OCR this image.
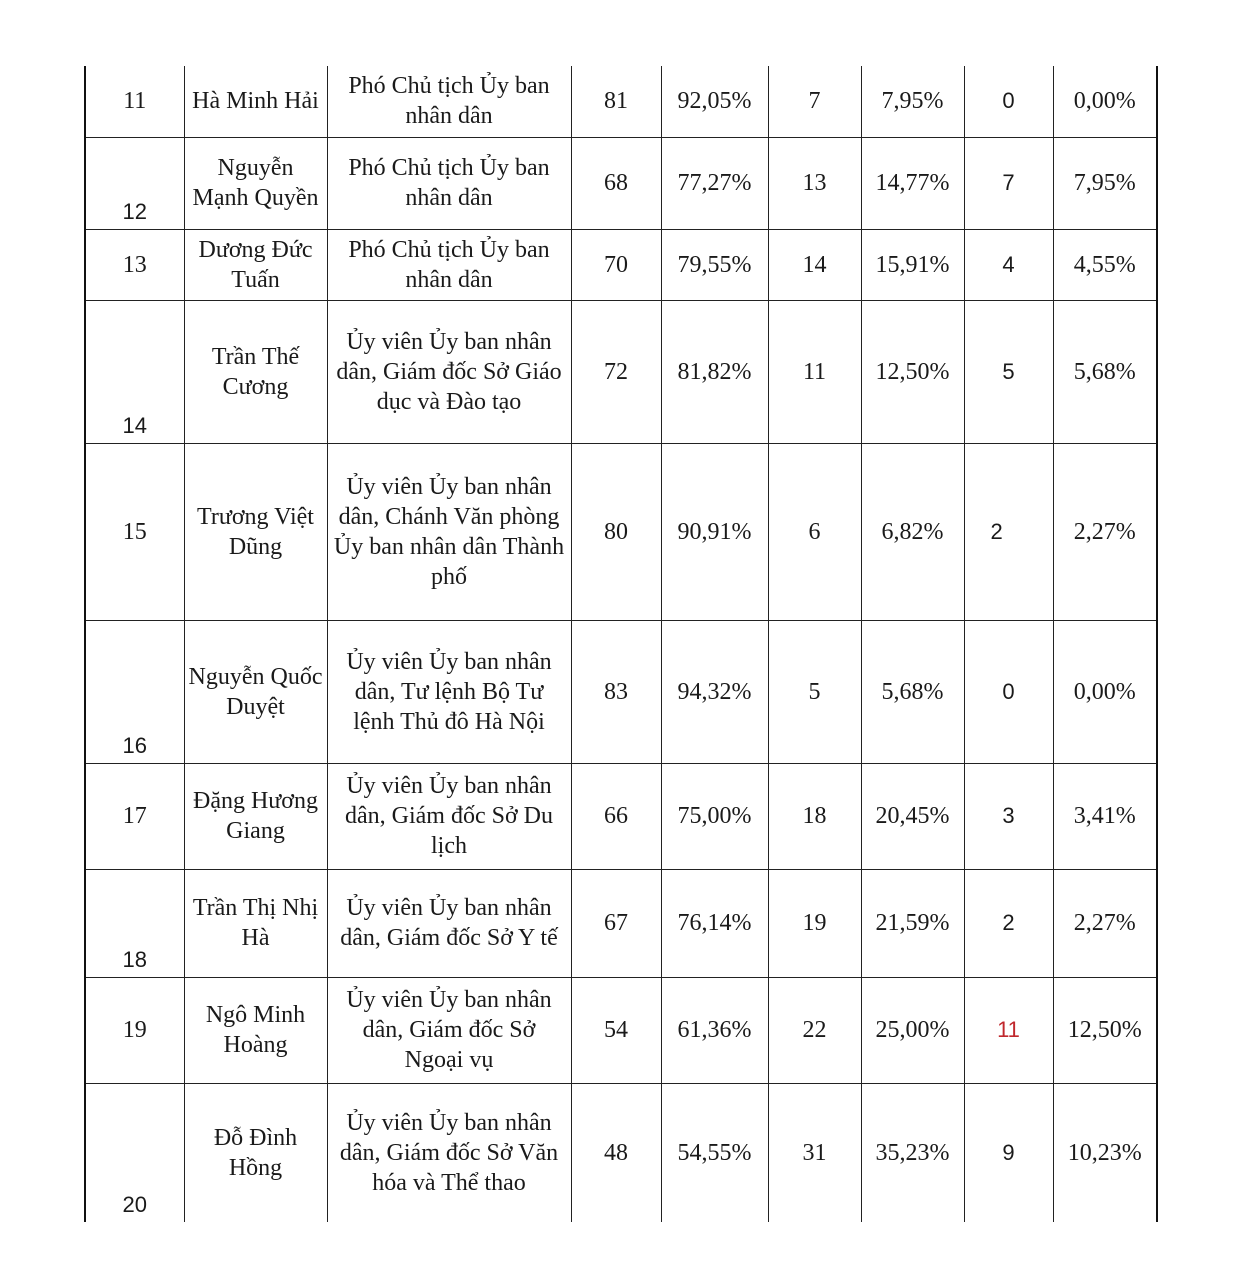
11	Hà Minh Hải	Phó Chủ tịch Ủy ban nhân dân	81	92,05%	7	7,95%	0	0,00%
12	Nguyễn Mạnh Quyền	Phó Chủ tịch Ủy ban nhân dân	68	77,27%	13	14,77%	7	7,95%
13	Dương Đức Tuấn	Phó Chủ tịch Ủy ban nhân dân	70	79,55%	14	15,91%	4	4,55%
14	Trần Thế Cương	Ủy viên Ủy ban nhân dân, Giám đốc Sở Giáo dục và Đào tạo	72	81,82%	11	12,50%	5	5,68%
15	Trương Việt Dũng	Ủy viên Ủy ban nhân dân, Chánh Văn phòng Ủy ban nhân dân Thành phố	80	90,91%	6	6,82%	2	2,27%
16	Nguyễn Quốc Duyệt	Ủy viên Ủy ban nhân dân, Tư lệnh Bộ Tư lệnh Thủ đô Hà Nội	83	94,32%	5	5,68%	0	0,00%
17	Đặng Hương Giang	Ủy viên Ủy ban nhân dân, Giám đốc Sở Du lịch	66	75,00%	18	20,45%	3	3,41%
18	Trần Thị Nhị Hà	Ủy viên Ủy ban nhân dân, Giám đốc Sở Y tế	67	76,14%	19	21,59%	2	2,27%
19	Ngô Minh Hoàng	Ủy viên Ủy ban nhân dân, Giám đốc Sở Ngoại vụ	54	61,36%	22	25,00%	11	12,50%
20	Đỗ Đình Hồng	Ủy viên Ủy ban nhân dân, Giám đốc Sở Văn hóa và Thể thao	48	54,55%	31	35,23%	9	10,23%
